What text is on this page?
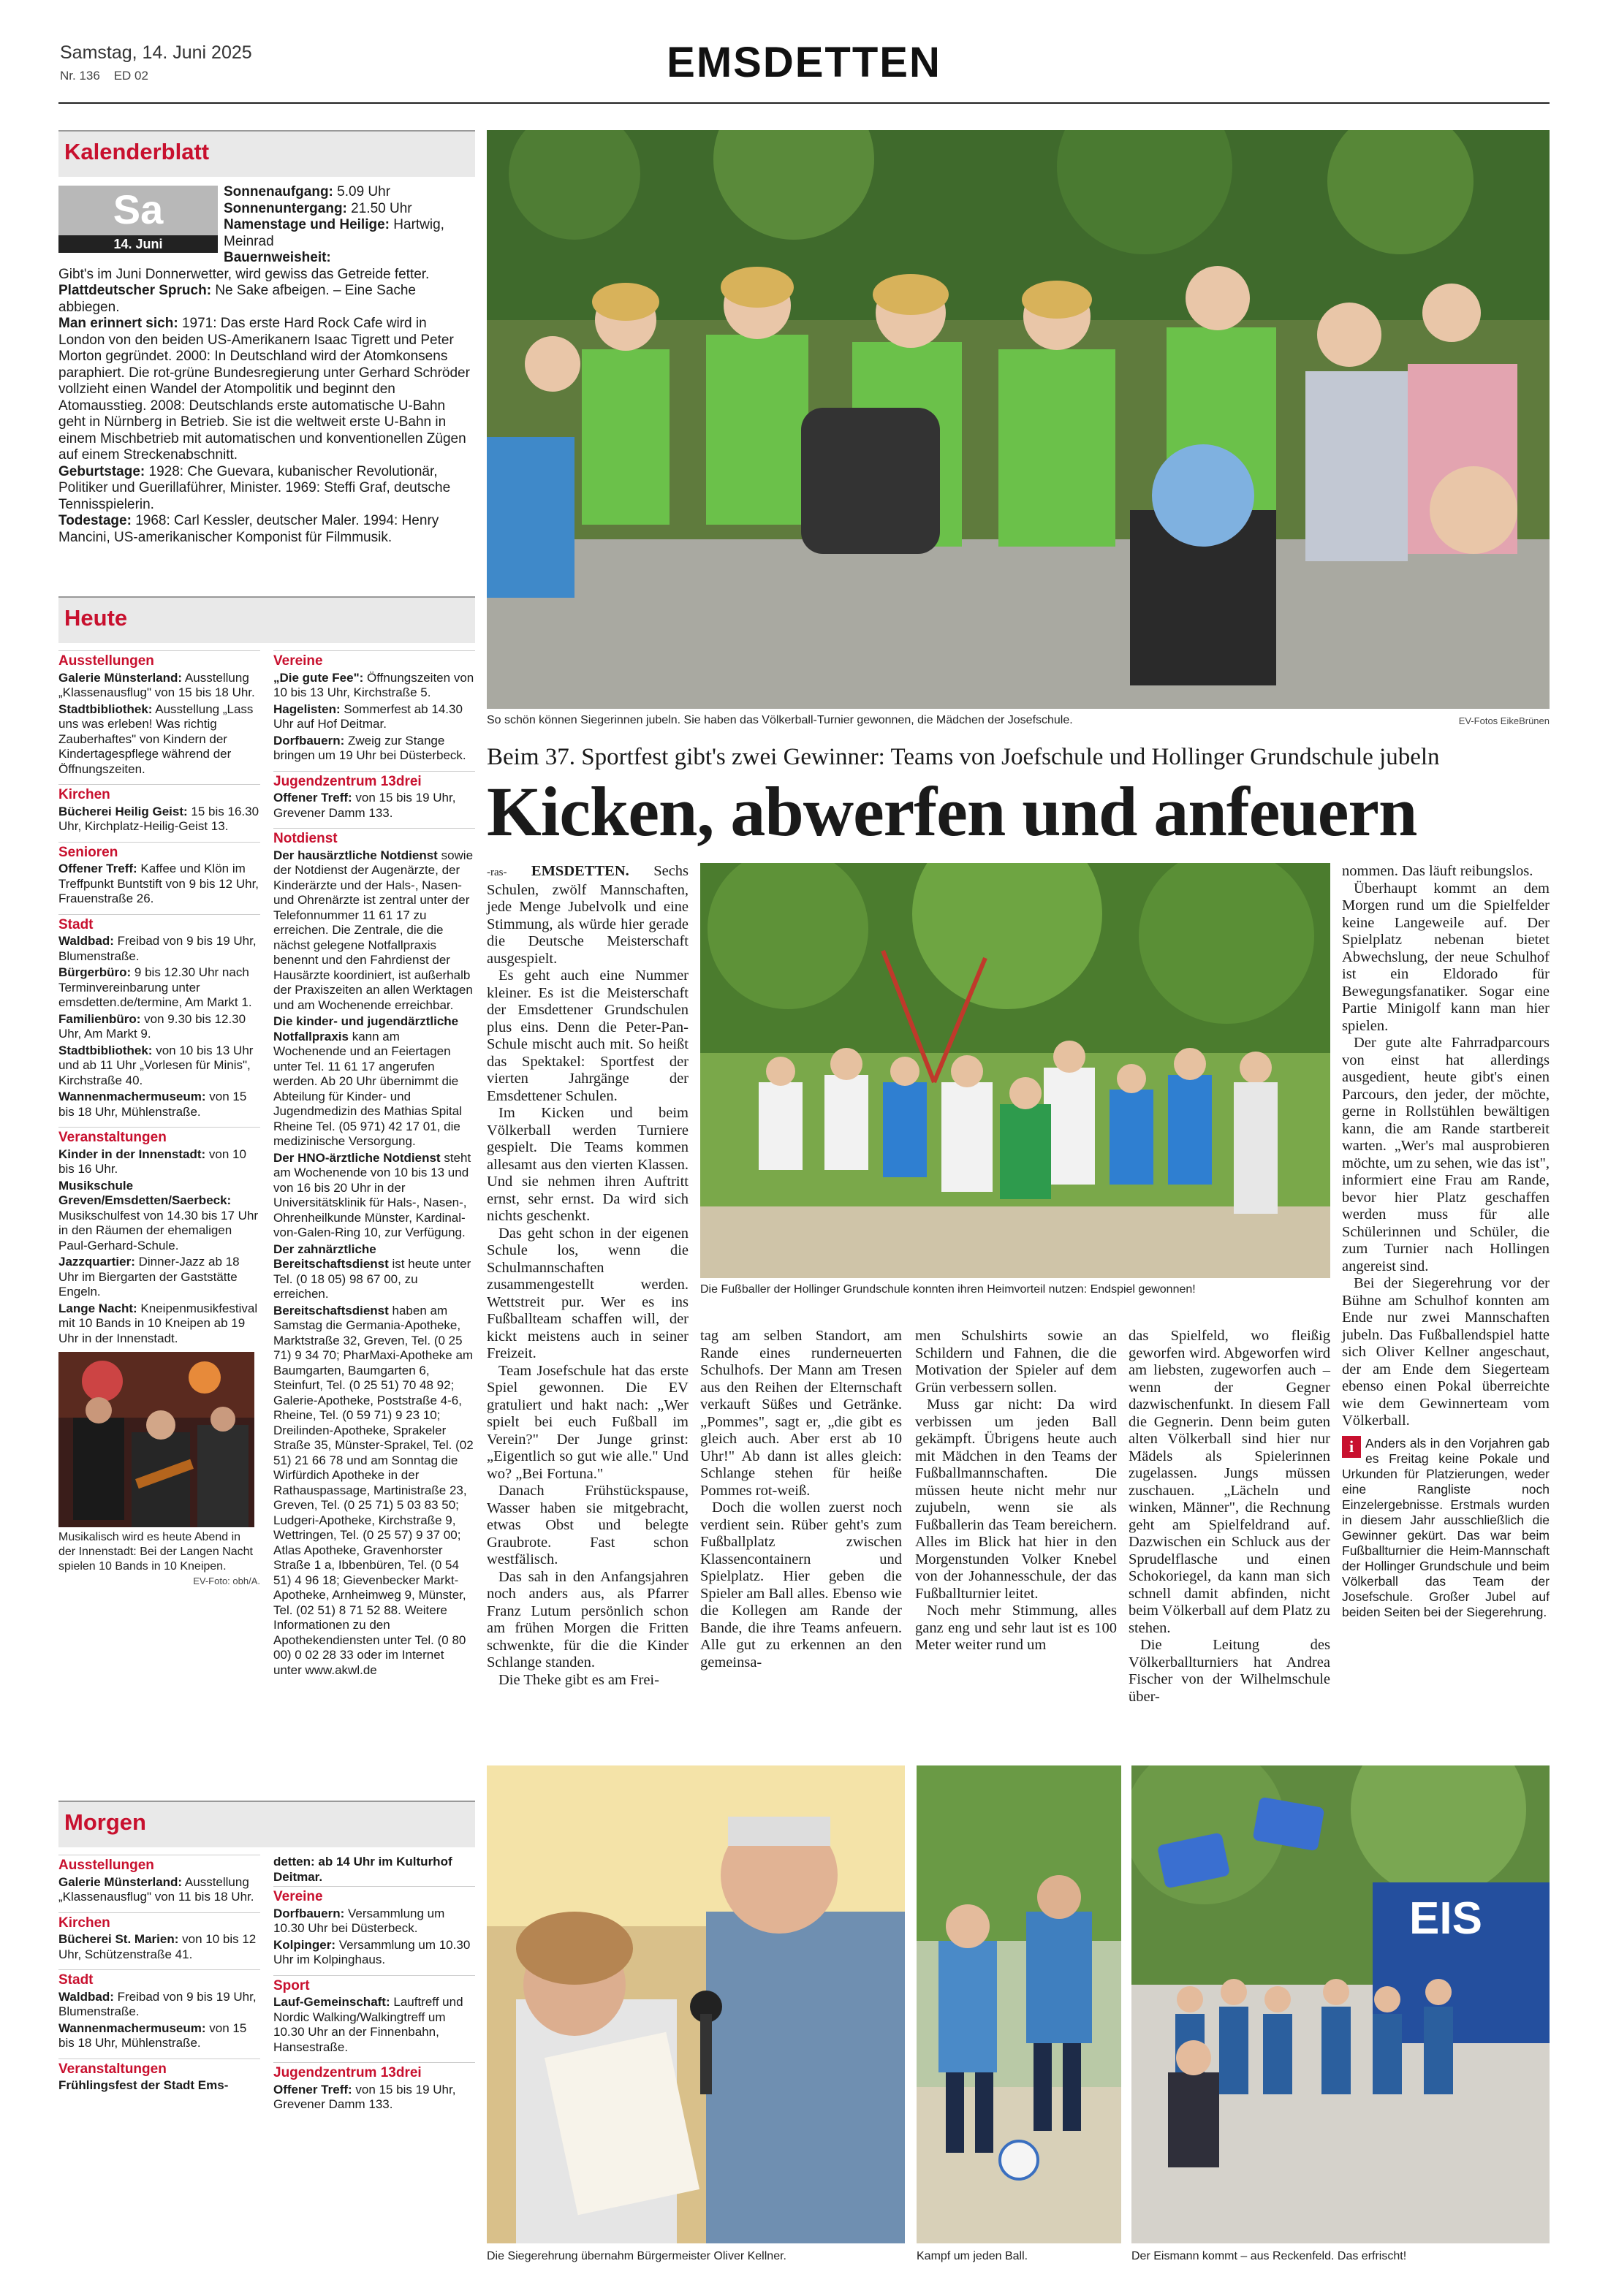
Samstag, 14. Juni 2025
Nr. 136 ED 02	EMSDETTEN
Kalenderblatt
Sa
14. Juni
Sonnenaufgang: 5.09 Uhr
Sonnenuntergang: 21.50 Uhr
Namenstage und Heilige: Hartwig, Meinrad
Bauernweisheit:
Gibt's im Juni Donnerwetter, wird gewiss das Getreide fetter.
Plattdeutscher Spruch: Ne Sake afbeigen. – Eine Sache abbiegen.
Man erinnert sich: 1971: Das erste Hard Rock Cafe wird in London von den beiden US-Amerikanern Isaac Tigrett und Peter Morton gegründet. 2000: In Deutschland wird der Atomkonsens paraphiert. Die rot-grüne Bundesregierung unter Gerhard Schröder vollzieht einen Wandel der Atompolitik und beginnt den Atomausstieg. 2008: Deutschlands erste automatische U-Bahn geht in Nürnberg in Betrieb. Sie ist die weltweit erste U-Bahn in einem Mischbetrieb mit automatischen und konventionellen Zügen auf einem Streckenabschnitt.
Geburtstage: 1928: Che Guevara, kubanischer Revolutionär, Politiker und Guerillaführer, Minister. 1969: Steffi Graf, deutsche Tennisspielerin.
Todestage: 1968: Carl Kessler, deutscher Maler. 1994: Henry Mancini, US-amerikanischer Komponist für Filmmusik.
Heute
Ausstellungen
Galerie Münsterland: Ausstellung „Klassenausflug" von 15 bis 18 Uhr.
Stadtbibliothek: Ausstellung „Lass uns was erleben! Was richtig Zauberhaftes" von Kindern der Kindertagespflege während der Öffnungszeiten.
Kirchen
Bücherei Heilig Geist: 15 bis 16.30 Uhr, Kirchplatz-Heilig-Geist 13.
Senioren
Offener Treff: Kaffee und Klön im Treffpunkt Buntstift von 9 bis 12 Uhr, Frauenstraße 26.
Stadt
Waldbad: Freibad von 9 bis 19 Uhr, Blumenstraße.
Bürgerbüro: 9 bis 12.30 Uhr nach Terminvereinbarung unter emsdetten.de/termine, Am Markt 1.
Familienbüro: von 9.30 bis 12.30 Uhr, Am Markt 9.
Stadtbibliothek: von 10 bis 13 Uhr und ab 11 Uhr „Vorlesen für Minis", Kirchstraße 40.
Wannenmachermuseum: von 15 bis 18 Uhr, Mühlenstraße.
Veranstaltungen
Kinder in der Innenstadt: von 10 bis 16 Uhr.
Musikschule Greven/Emsdetten/Saerbeck: Musikschulfest von 14.30 bis 17 Uhr in den Räumen der ehemaligen Paul-Gerhard-Schule.
Jazzquartier: Dinner-Jazz ab 18 Uhr im Biergarten der Gaststätte Engeln.
Lange Nacht: Kneipenmusikfestival mit 10 Bands in 10 Kneipen ab 19 Uhr in der Innenstadt.
Musikalisch wird es heute Abend in der Innenstadt: Bei der Langen Nacht spielen 10 Bands in 10 Kneipen.
EV-Foto: obh/A.
Vereine
„Die gute Fee": Öffnungszeiten von 10 bis 13 Uhr, Kirchstraße 5.
Hagelisten: Sommerfest ab 14.30 Uhr auf Hof Deitmar.
Dorfbauern: Zweig zur Stange bringen um 19 Uhr bei Düsterbeck.
Jugendzentrum 13drei
Offener Treff: von 15 bis 19 Uhr, Grevener Damm 133.
Notdienst
Der hausärztliche Notdienst sowie der Notdienst der Augenärzte, der Kinderärzte und der Hals-, Nasen- und Ohrenärzte ist zentral unter der Telefonnummer 11 61 17 zu erreichen. Die Zentrale, die die nächst gelegene Notfallpraxis benennt und den Fahrdienst der Hausärzte koordiniert, ist außerhalb der Praxiszeiten an allen Werktagen und am Wochenende erreichbar.
Die kinder- und jugendärztliche Notfallpraxis kann am Wochenende und an Feiertagen unter Tel. 11 61 17 angerufen werden. Ab 20 Uhr übernimmt die Abteilung für Kinder- und Jugendmedizin des Mathias Spital Rheine Tel. (05 971) 42 17 01, die medizinische Versorgung.
Der HNO-ärztliche Notdienst steht am Wochenende von 10 bis 13 und von 16 bis 20 Uhr in der Universitätsklinik für Hals-, Nasen-, Ohrenheilkunde Münster, Kardinal-von-Galen-Ring 10, zur Verfügung.
Der zahnärztliche Bereitschaftsdienst ist heute unter Tel. (0 18 05) 98 67 00, zu erreichen.
Bereitschaftsdienst haben am Samstag die Germania-Apotheke, Marktstraße 32, Greven, Tel. (0 25 71) 9 34 70; PharMaxi-Apotheke am Baumgarten, Baumgarten 6, Steinfurt, Tel. (0 25 51) 70 48 92; Galerie-Apotheke, Poststraße 4-6, Rheine, Tel. (0 59 71) 9 23 10; Dreilinden-Apotheke, Sprakeler Straße 35, Münster-Sprakel, Tel. (02 51) 21 66 78 und am Sonntag die Wirfürdich Apotheke in der Rathauspassage, Martinistraße 23, Greven, Tel. (0 25 71) 5 03 83 50; Ludgeri-Apotheke, Kirchstraße 9, Wettringen, Tel. (0 25 57) 9 37 00; Atlas Apotheke, Gravenhorster Straße 1 a, Ibbenbüren, Tel. (0 54 51) 4 96 18; Gievenbecker Markt-Apotheke, Arnheimweg 9, Münster, Tel. (02 51) 8 71 52 88. Weitere Informationen zu den Apothekendiensten unter Tel. (0 80 00) 0 02 28 33 oder im Internet unter www.akwl.de
Morgen
Ausstellungen
Galerie Münsterland: Ausstellung „Klassenausflug" von 11 bis 18 Uhr.
Kirchen
Bücherei St. Marien: von 10 bis 12 Uhr, Schützenstraße 41.
Stadt
Waldbad: Freibad von 9 bis 19 Uhr, Blumenstraße.
Wannenmachermuseum: von 15 bis 18 Uhr, Mühlenstraße.
Veranstaltungen
Frühlingsfest der Stadt Ems-
detten: ab 14 Uhr im Kulturhof Deitmar.
Vereine
Dorfbauern: Versammlung um 10.30 Uhr bei Düsterbeck.
Kolpinger: Versammlung um 10.30 Uhr im Kolpinghaus.
Sport
Lauf-Gemeinschaft: Lauftreff und Nordic Walking/Walkingtreff um 10.30 Uhr an der Finnenbahn, Hansestraße.
Jugendzentrum 13drei
Offener Treff: von 15 bis 19 Uhr, Grevener Damm 133.
So schön können Siegerinnen jubeln. Sie haben das Völkerball-Turnier gewonnen, die Mädchen der Josefschule.	EV-Fotos EikeBrünen
Beim 37. Sportfest gibt's zwei Gewinner: Teams von Joefschule und Hollinger Grundschule jubeln
Kicken, abwerfen und anfeuern

-ras- EMSDETTEN. Sechs Schulen, zwölf Mannschaften, jede Menge Jubelvolk und eine Stimmung, als würde hier gerade die Deutsche Meisterschaft ausgespielt.

Es geht auch eine Nummer kleiner. Es ist die Meisterschaft der Emsdettener Grundschulen plus eins. Denn die Peter-Pan-Schule mischt auch mit. So heißt das Spektakel: Sportfest der vierten Jahrgänge der Emsdettener Schulen.

Im Kicken und beim Völkerball werden Turniere gespielt. Die Teams kommen allesamt aus den vierten Klassen. Und sie nehmen ihren Auftritt ernst, sehr ernst. Da wird sich nichts geschenkt.

Das geht schon in der eigenen Schule los, wenn die Schulmannschaften zusammengestellt werden. Wettstreit pur. Wer es ins Fußballteam schaffen will, der kickt meistens auch in seiner Freizeit.

Team Josefschule hat das erste Spiel gewonnen. Die EV gratuliert und hakt nach: „Wer spielt bei euch Fußball im Verein?" Der Junge grinst: „Eigentlich so gut wie alle." Und wo? „Bei Fortuna."

Danach Frühstückspause, Wasser haben sie mitgebracht, etwas Obst und belegte Graubrote. Fast schon westfälisch.

Das sah in den Anfangsjahren noch anders aus, als Pfarrer Franz Lutum persönlich schon am frühen Morgen die Fritten schwenkte, für die die Kinder Schlange standen.

Die Theke gibt es am Frei-

Die Fußballer der Hollinger Grundschule konnten ihren Heimvorteil nutzen: Endspiel gewonnen!

tag am selben Standort, am Rande eines runderneuerten Schulhofs. Der Mann am Tresen aus den Reihen der Elternschaft verkauft Süßes und Getränke. „Pommes", sagt er, „die gibt es gleich auch. Aber erst ab 10 Uhr!" Ab dann ist alles gleich: Schlange stehen für heiße Pommes rot-weiß.

Doch die wollen zuerst noch verdient sein. Rüber geht's zum Fußballplatz zwischen Klassencontainern und Spielplatz. Hier geben die Spieler am Ball alles. Ebenso wie die Kollegen am Rande der Bande, die ihre Teams anfeuern. Alle gut zu erkennen an den gemeinsa-

men Schulshirts sowie an Schildern und Fahnen, die die Motivation der Spieler auf dem Grün verbessern sollen.

Muss gar nicht: Da wird verbissen um jeden Ball gekämpft. Übrigens heute auch mit Mädchen in den Teams der Fußballmannschaften. Die müssen heute nicht mehr nur zujubeln, wenn sie als Fußballerin das Team bereichern. Alles im Blick hat hier in den Morgenstunden Volker Knebel von der Johannesschule, der das Fußballturnier leitet.

Noch mehr Stimmung, alles ganz eng und sehr laut ist es 100 Meter weiter rund um

das Spielfeld, wo fleißig geworfen wird. Abgeworfen wird am liebsten, zugeworfen auch – wenn der Gegner dazwischenfunkt. In diesem Fall die Gegnerin. Denn beim guten alten Völkerball sind hier nur Mädels als Spielerinnen zugelassen. Jungs müssen zuschauen. „Lächeln und winken, Männer", die Rechnung geht am Spielfeldrand auf. Dazwischen ein Schluck aus der Sprudelflasche und einen Schokoriegel, da kann man sich schnell damit abfinden, nicht beim Völkerball auf dem Platz zu stehen.

Die Leitung des Völkerballturniers hat Andrea Fischer von der Wilhelmschule über-

nommen. Das läuft reibungslos.

Überhaupt kommt an dem Morgen rund um die Spielfelder keine Langeweile auf. Der Spielplatz nebenan bietet Abwechslung, der neue Schulhof ist ein Eldorado für Bewegungsfanatiker. Sogar eine Partie Minigolf kann man hier spielen.

Der gute alte Fahrradparcours von einst hat allerdings ausgedient, heute gibt's einen Parcours, den jeder, der möchte, gerne in Rollstühlen bewältigen kann, die am Rande startbereit warten. „Wer's mal ausprobieren möchte, um zu sehen, wie das ist", informiert eine Frau am Rande, bevor hier Platz geschaffen werden muss für alle Schülerinnen und Schüler, die zum Turnier nach Hollingen angereist sind.

Bei der Siegerehrung vor der Bühne am Schulhof konnten am Ende nur zwei Mannschaften jubeln. Das Fußballendspiel hatte sich Oliver Kellner angeschaut, der am Ende dem Siegerteam ebenso einen Pokal überreichte wie dem Gewinnerteam vom Völkerball.

i Anders als in den Vorjahren gab es Freitag keine Pokale und Urkunden für Platzierungen, weder eine Rangliste noch Einzelergebnisse. Erstmals wurden in diesem Jahr ausschließlich die Gewinner gekürt. Das war beim Fußballturnier die Heim-Mannschaft der Hollinger Grundschule und beim Völkerball das Team der Josefschule. Großer Jubel auf beiden Seiten bei der Siegerehrung.
Die Siegerehrung übernahm Bürgermeister Oliver Kellner.	Kampf um jeden Ball.
EIS
Der Eismann kommt – aus Reckenfeld. Das erfrischt!
